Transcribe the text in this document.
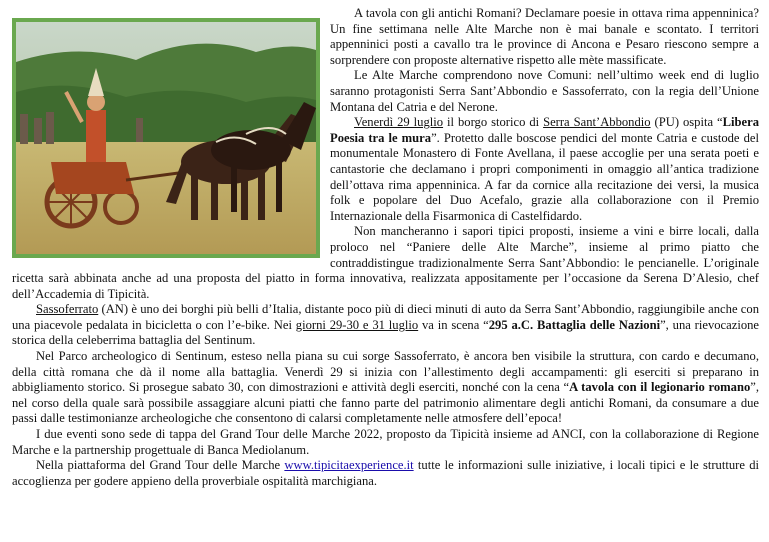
A tavola con gli antichi Romani? Declamare poesie in ottava rima appenninica? Un fine settimana nelle Alte Marche non è mai banale e scontato. I territori appenninici posti a cavallo tra le province di Ancona e Pesaro riescono sempre a sorprendere con proposte alternative rispetto alle mète massificate.

Le Alte Marche comprendono nove Comuni: nell’ultimo week end di luglio saranno protagonisti Serra Sant’Abbondio e Sassoferrato, con la regia dell’Unione Montana del Catria e del Nerone.

Venerdì 29 luglio il borgo storico di Serra Sant’Abbondio (PU) ospita “Libera Poesia tra le mura”. Protetto dalle boscose pendici del monte Catria e custode del monumentale Monastero di Fonte Avellana, il paese accoglie per una serata poeti e cantastorie che declamano i propri componimenti in omaggio all’antica tradizione dell’ottava rima appenninica. A far da cornice alla recitazione dei versi, la musica folk e popolare del Duo Acefalo, grazie alla collaborazione con il Premio Internazionale della Fisarmonica di Castelfidardo.

Non mancheranno i sapori tipici proposti, insieme a vini e birre locali, dalla proloco nel “Paniere delle Alte Marche”, insieme al primo piatto che contraddistingue tradizionalmente Serra Sant’Abbondio: le pencianelle. L’originale ricetta sarà abbinata anche ad una proposta del piatto in forma innovativa, realizzata appositamente per l’occasione da Serena D’Alesio, chef dell’Accademia di Tipicità.

Sassoferrato (AN) è uno dei borghi più belli d’Italia, distante poco più di dieci minuti di auto da Serra Sant’Abbondio, raggiungibile anche con una piacevole pedalata in bicicletta o con l’e-bike. Nei giorni 29-30 e 31 luglio va in scena “295 a.C. Battaglia delle Nazioni”, una rievocazione storica della celeberrima battaglia del Sentinum.

Nel Parco archeologico di Sentinum, esteso nella piana su cui sorge Sassoferrato, è ancora ben visibile la struttura, con cardo e decumano, della città romana che dà il nome alla battaglia. Venerdì 29 si inizia con l’allestimento degli accampamenti: gli eserciti si preparano in abbigliamento storico. Si prosegue sabato 30, con dimostrazioni e attività degli eserciti, nonché con la cena “A tavola con il legionario romano”, nel corso della quale sarà possibile assaggiare alcuni piatti che fanno parte del patrimonio alimentare degli antichi Romani, da consumare a due passi dalle testimonianze archeologiche che consentono di calarsi completamente nelle atmosfere dell’epoca!

I due eventi sono sede di tappa del Grand Tour delle Marche 2022, proposto da Tipicità insieme ad ANCI, con la collaborazione di Regione Marche e la partnership progettuale di Banca Mediolanum.

Nella piattaforma del Grand Tour delle Marche www.tipicitaexperience.it tutte le informazioni sulle iniziative, i locali tipici e le strutture di accoglienza per godere appieno della proverbiale ospitalità marchigiana.
